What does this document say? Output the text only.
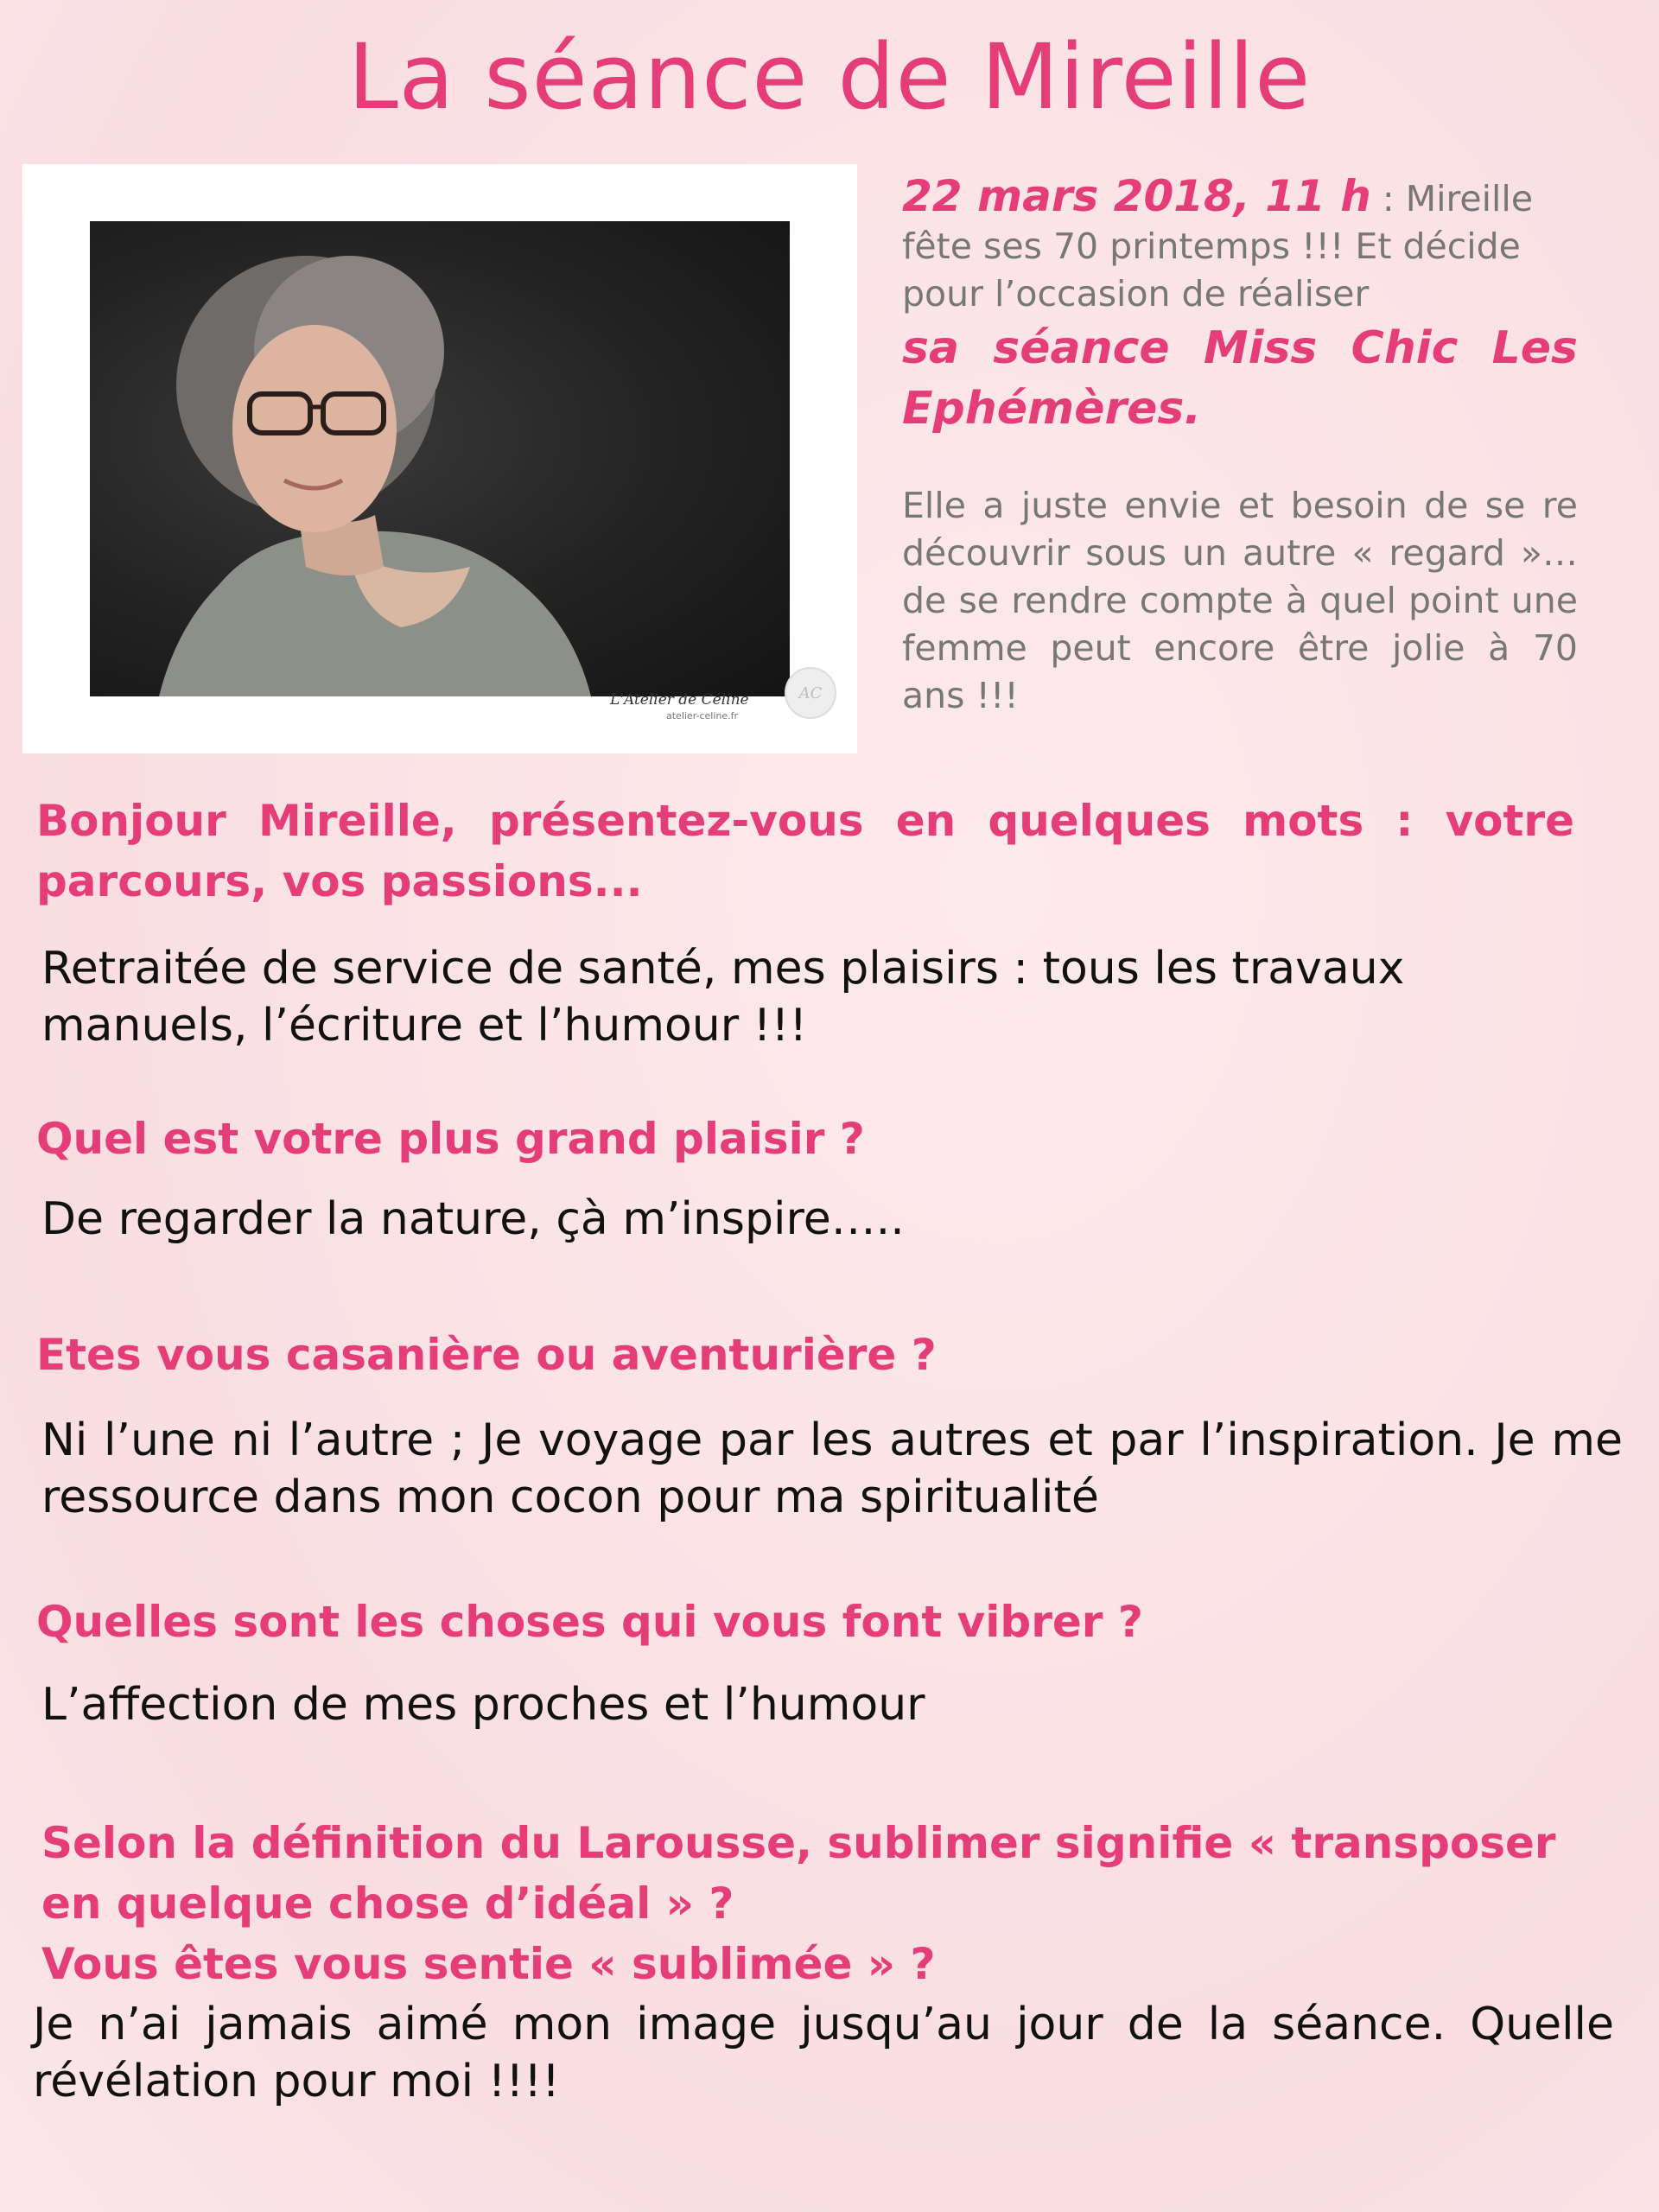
La séance de Mireille
L'Atelier de Céline
atelier-celine.fr
AC
22 mars 2018, 11 h : Mireille fête ses 70 printemps !!! Et décide pour l’occasion de réaliser
sa séance Miss Chic Les Ephémères.
Elle a juste envie et besoin de se re découvrir sous un autre « regard »…de se rendre compte à quel point une femme peut encore être jolie à 70 ans !!!
Bonjour Mireille, présentez-vous en quelques mots : votre parcours, vos passions...
Retraitée de service de santé, mes plaisirs : tous les travaux manuels, l’écriture et l’humour !!!
Quel est votre plus grand plaisir ?
De regarder la nature, çà m’inspire…..
Etes vous casanière ou aventurière ?
Ni l’une ni l’autre ; Je voyage par les autres et par l’inspiration. Je me ressource dans mon cocon pour ma spiritualité
Quelles sont les choses qui vous font vibrer ?
L’affection de mes proches et l’humour
Selon la définition du Larousse, sublimer signifie « transposer en quelque chose d’idéal » ?
Vous êtes vous sentie « sublimée » ?
Je n’ai jamais aimé mon image jusqu’au jour de la séance. Quelle révélation pour moi !!!!
